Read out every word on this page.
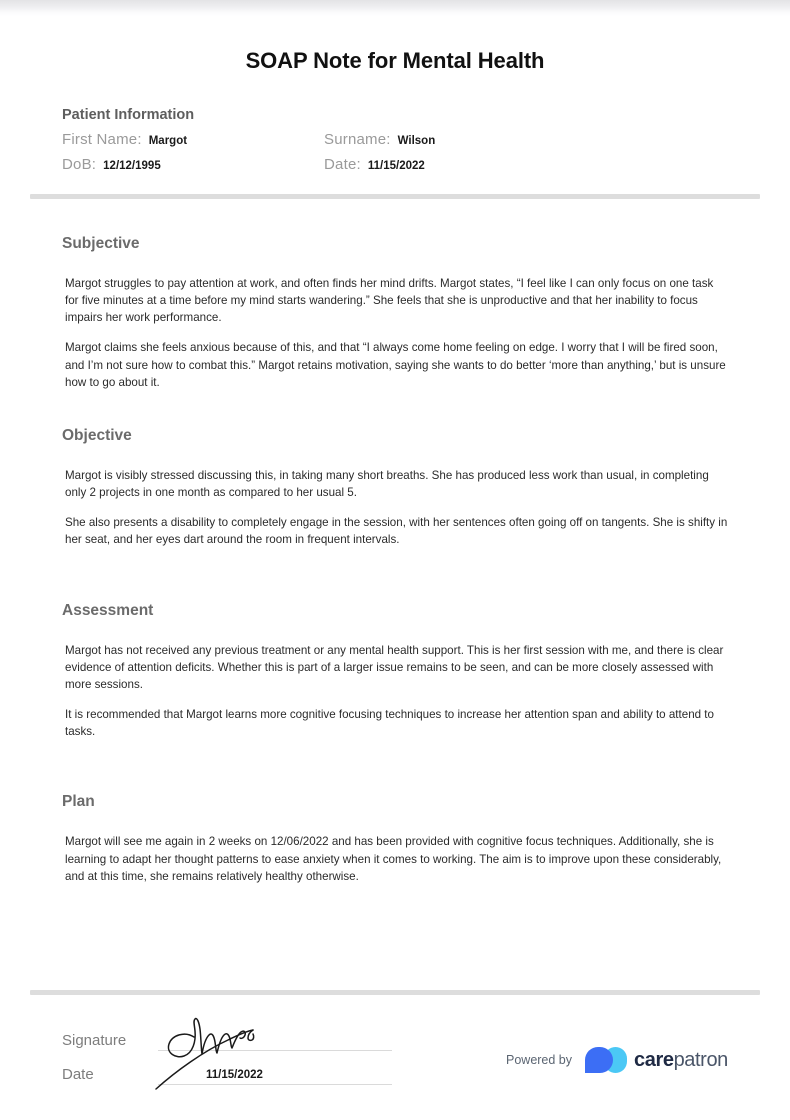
SOAP Note for Mental Health
Patient Information
First Name: Margot	Surname: Wilson
DoB: 12/12/1995	Date: 11/15/2022
Subjective

Margot struggles to pay attention at work, and often finds her mind drifts. Margot states, “I feel like I can only focus on one task for five minutes at a time before my mind starts wandering.” She feels that she is unproductive and that her inability to focus impairs her work performance.

Margot claims she feels anxious because of this, and that “I always come home feeling on edge. I worry that I will be fired soon, and I’m not sure how to combat this.” Margot retains motivation, saying she wants to do better ‘more than anything,’ but is unsure how to go about it.

Objective

Margot is visibly stressed discussing this, in taking many short breaths. She has produced less work than usual, in completing only 2 projects in one month as compared to her usual 5.

She also presents a disability to completely engage in the session, with her sentences often going off on tangents. She is shifty in her seat, and her eyes dart around the room in frequent intervals.

Assessment

Margot has not received any previous treatment or any mental health support. This is her first session with me, and there is clear evidence of attention deficits. Whether this is part of a larger issue remains to be seen, and can be more closely assessed with more sessions.

It is recommended that Margot learns more cognitive focusing techniques to increase her attention span and ability to attend to tasks.

Plan

Margot will see me again in 2 weeks on 12/06/2022 and has been provided with cognitive focus techniques. Additionally, she is learning to adapt her thought patterns to ease anxiety when it comes to working. The aim is to improve upon these considerably, and at this time, she remains relatively healthy otherwise.

Signature
Date	11/15/2022
Powered by	carepatron
